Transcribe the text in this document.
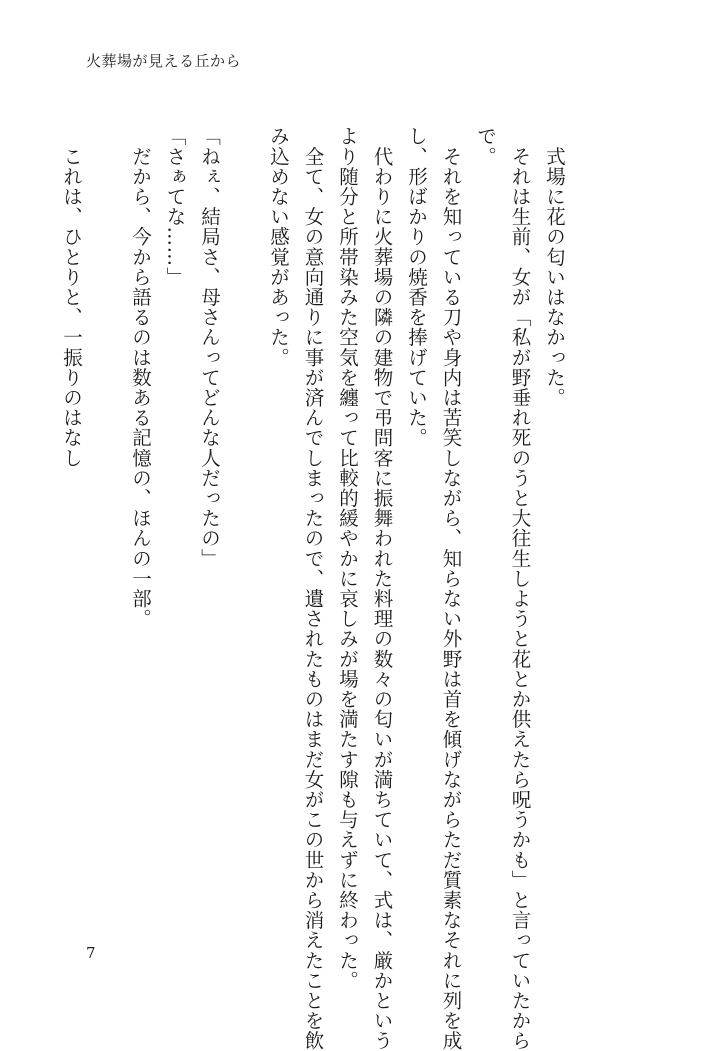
火葬場が見える丘から
　式場に花の匂いはなかった。
　それは生前、女が「私が野垂れ死のうと大往生しようと花とか供えたら呪うかも」と言っていたから
で。
　それを知っている刀や身内は苦笑しながら、知らない外野は首を傾げながらただ質素なそれに列を成
し、形ばかりの焼香を捧げていた。
　代わりに火葬場の隣の建物で弔問客に振舞われた料理の数々の匂いが満ちていて、式は、厳かという
より随分と所帯染みた空気を纏って比較的緩やかに哀しみが場を満たす隙も与えずに終わった。
　全て、女の意向通りに事が済んでしまったので、遺されたものはまだ女がこの世から消えたことを飲
み込めない感覚があった。
「ねぇ、結局さ、母さんってどんな人だったの」
「さぁてな……」
　だから、今から語るのは数ある記憶の、ほんの一部。
　これは、ひとりと、一振りのはなし
7
